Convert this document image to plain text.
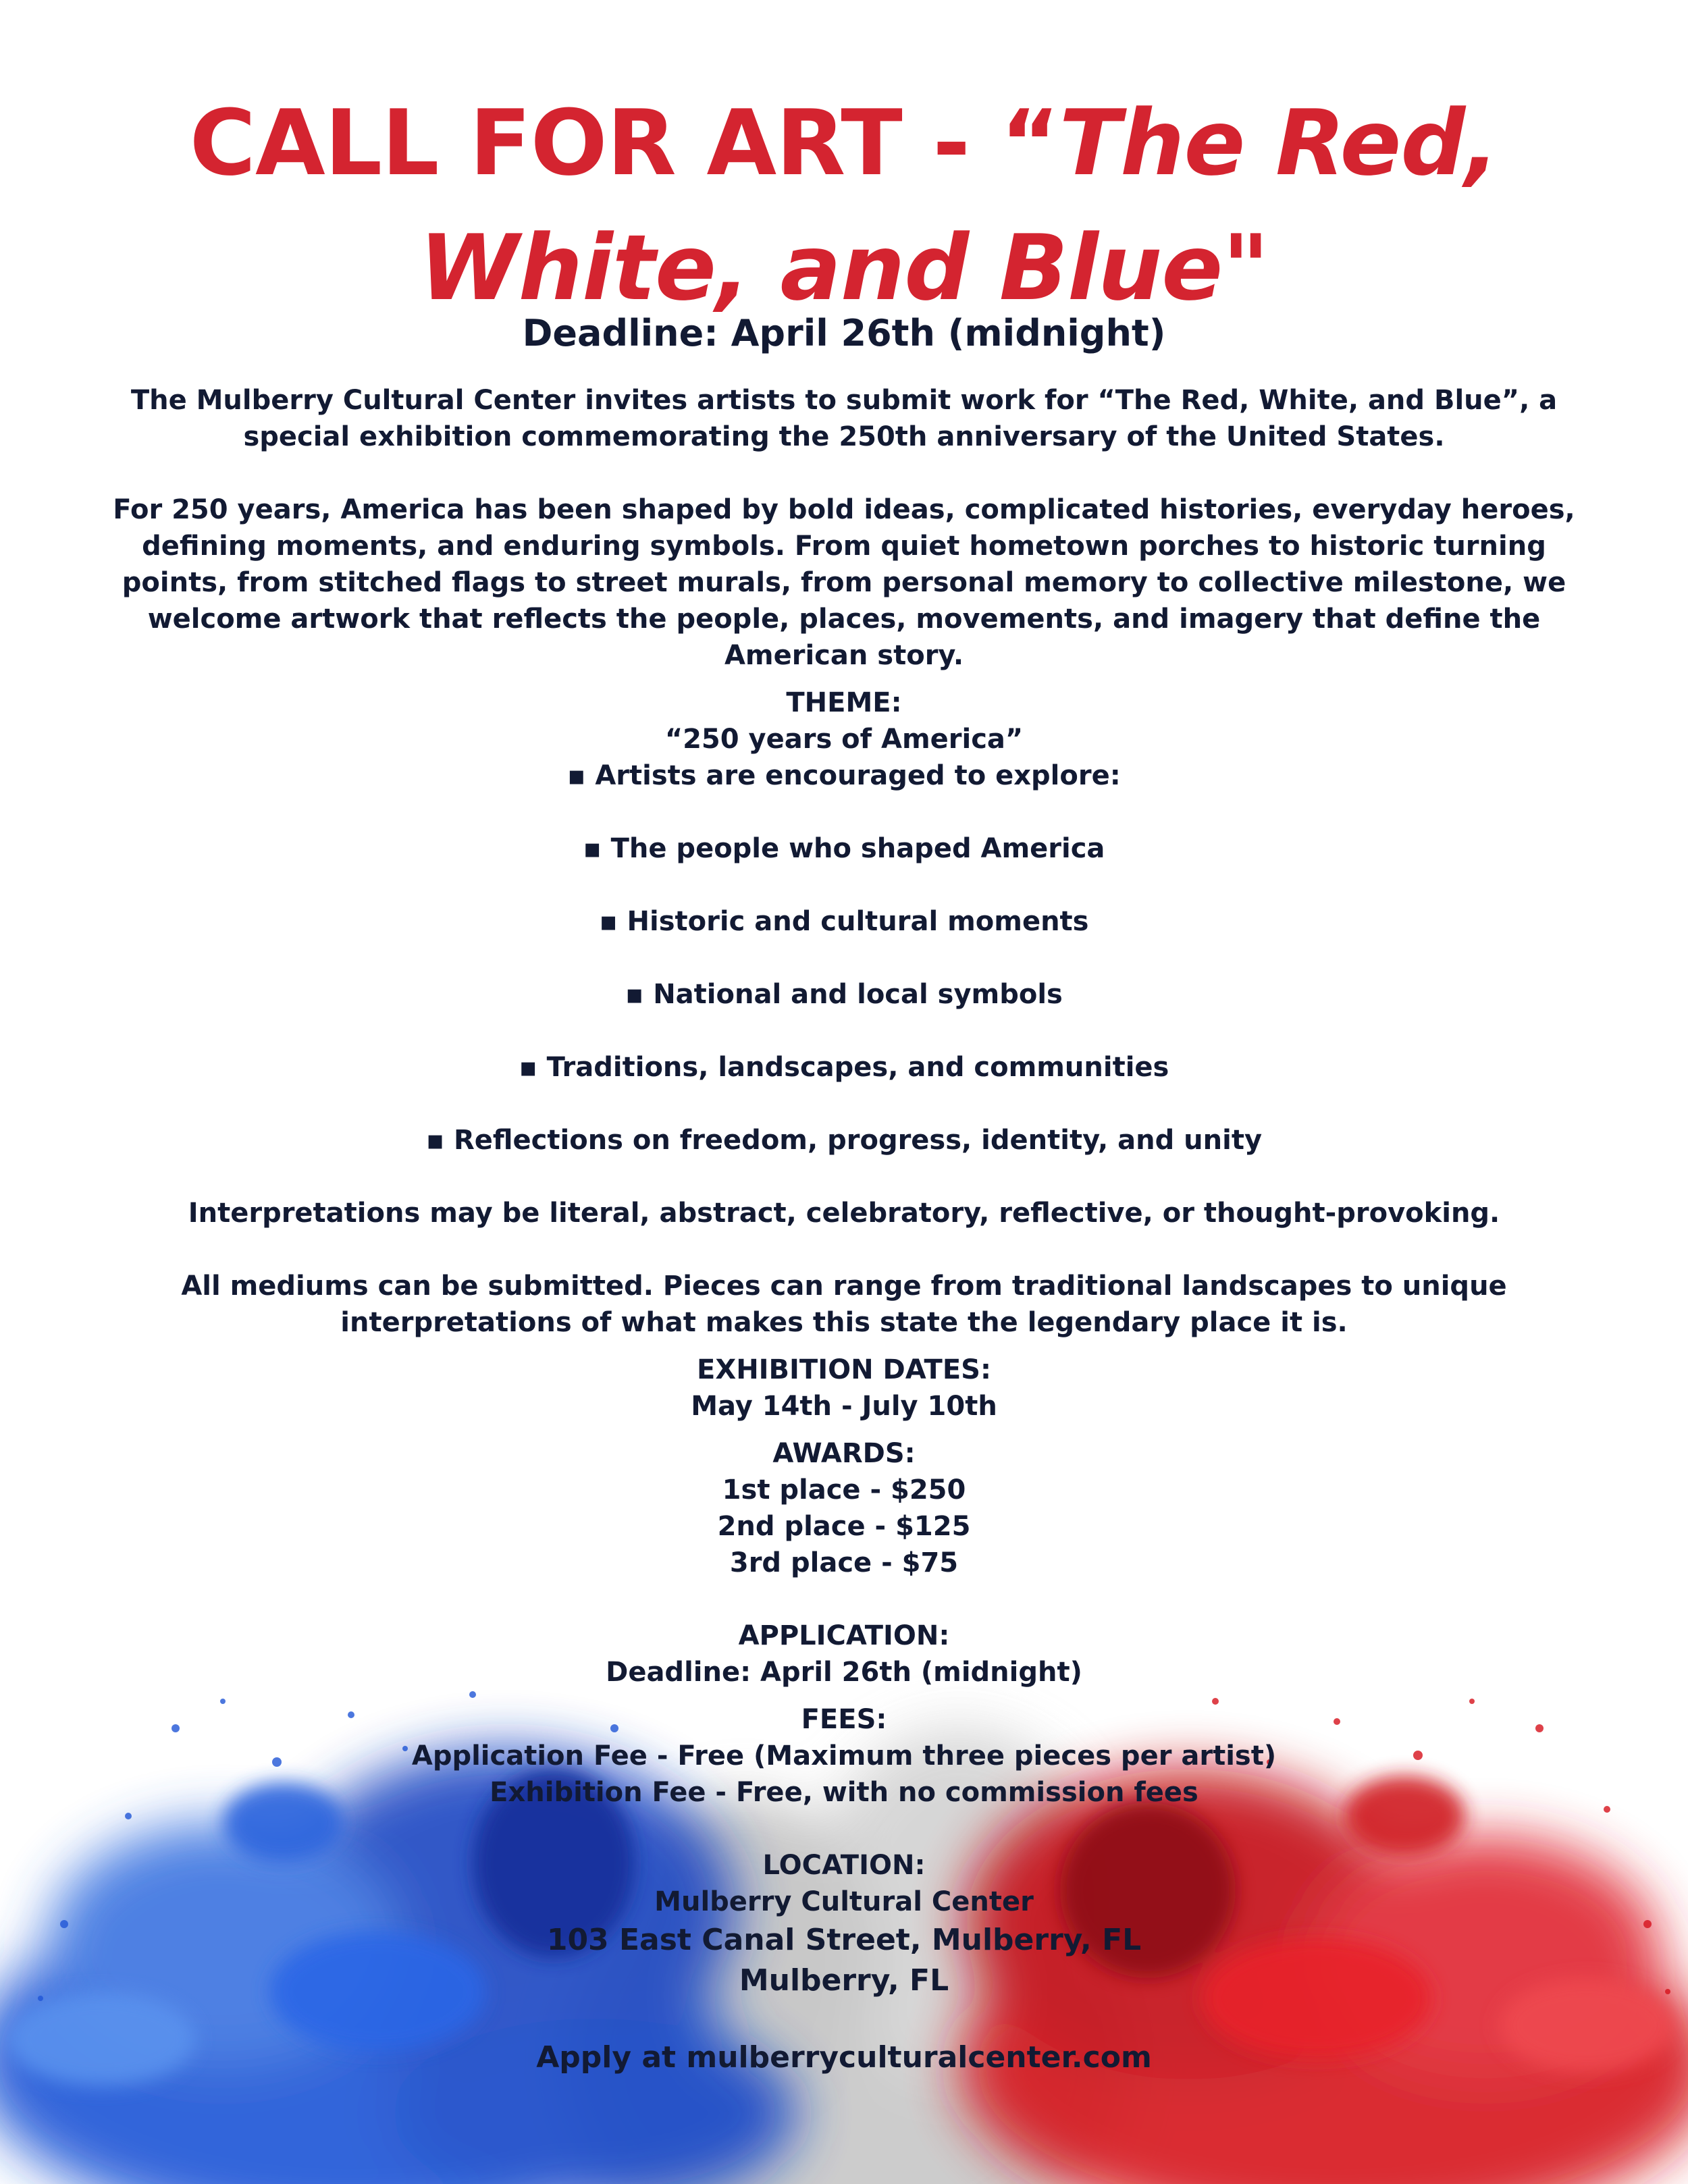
CALL FOR ART - “The Red, White, and Blue"
Deadline: April 26th (midnight)

The Mulberry Cultural Center invites artists to submit work for “The Red, White, and Blue”, a special exhibition commemorating the 250th anniversary of the United States.

For 250 years, America has been shaped by bold ideas, complicated histories, everyday heroes, defining moments, and enduring symbols. From quiet hometown porches to historic turning points, from stitched flags to street murals, from personal memory to collective milestone, we welcome artwork that reflects the people, places, movements, and imagery that define the American story.

THEME:

“250 years of America”

▪ Artists are encouraged to explore:

▪ The people who shaped America

▪ Historic and cultural moments

▪ National and local symbols

▪ Traditions, landscapes, and communities

▪ Reflections on freedom, progress, identity, and unity

Interpretations may be literal, abstract, celebratory, reflective, or thought-provoking.

All mediums can be submitted. Pieces can range from traditional landscapes to unique interpretations of what makes this state the legendary place it is.

EXHIBITION DATES:

May 14th - July 10th

AWARDS:

1st place - $250

2nd place - $125

3rd place - $75

APPLICATION:

Deadline: April 26th (midnight)

FEES:

Application Fee - Free (Maximum three pieces per artist)

Exhibition Fee - Free, with no commission fees

LOCATION:

Mulberry Cultural Center

103 East Canal Street, Mulberry, FL

Mulberry, FL

Apply at mulberryculturalcenter.com
